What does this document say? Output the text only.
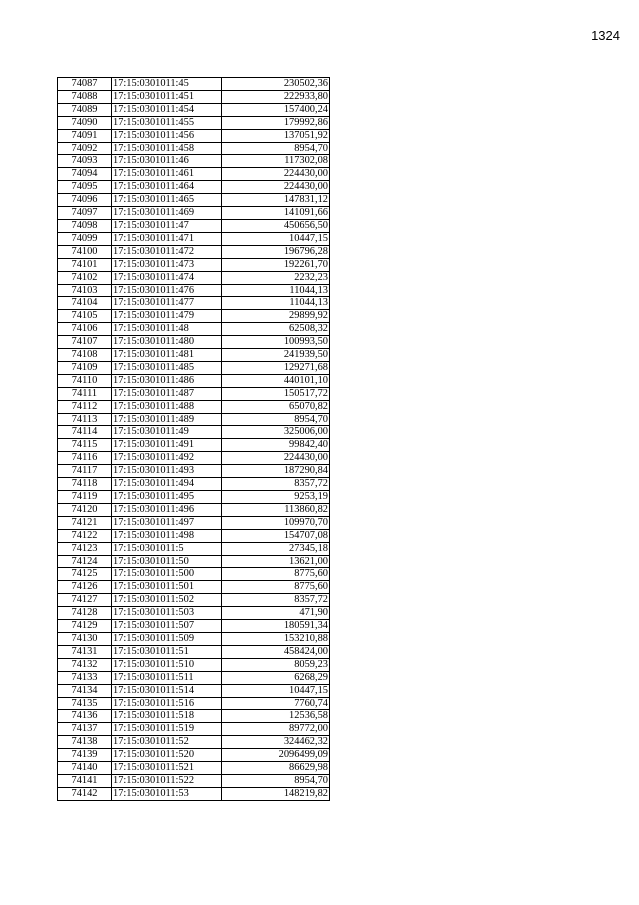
1324
74087	17:15:0301011:45	230502,36
74088	17:15:0301011:451	222933,80
74089	17:15:0301011:454	157400,24
74090	17:15:0301011:455	179992,86
74091	17:15:0301011:456	137051,92
74092	17:15:0301011:458	8954,70
74093	17:15:0301011:46	117302,08
74094	17:15:0301011:461	224430,00
74095	17:15:0301011:464	224430,00
74096	17:15:0301011:465	147831,12
74097	17:15:0301011:469	141091,66
74098	17:15:0301011:47	450656,50
74099	17:15:0301011:471	10447,15
74100	17:15:0301011:472	196796,28
74101	17:15:0301011:473	192261,70
74102	17:15:0301011:474	2232,23
74103	17:15:0301011:476	11044,13
74104	17:15:0301011:477	11044,13
74105	17:15:0301011:479	29899,92
74106	17:15:0301011:48	62508,32
74107	17:15:0301011:480	100993,50
74108	17:15:0301011:481	241939,50
74109	17:15:0301011:485	129271,68
74110	17:15:0301011:486	440101,10
74111	17:15:0301011:487	150517,72
74112	17:15:0301011:488	65070,82
74113	17:15:0301011:489	8954,70
74114	17:15:0301011:49	325006,00
74115	17:15:0301011:491	99842,40
74116	17:15:0301011:492	224430,00
74117	17:15:0301011:493	187290,84
74118	17:15:0301011:494	8357,72
74119	17:15:0301011:495	9253,19
74120	17:15:0301011:496	113860,82
74121	17:15:0301011:497	109970,70
74122	17:15:0301011:498	154707,08
74123	17:15:0301011:5	27345,18
74124	17:15:0301011:50	13621,00
74125	17:15:0301011:500	8775,60
74126	17:15:0301011:501	8775,60
74127	17:15:0301011:502	8357,72
74128	17:15:0301011:503	471,90
74129	17:15:0301011:507	180591,34
74130	17:15:0301011:509	153210,88
74131	17:15:0301011:51	458424,00
74132	17:15:0301011:510	8059,23
74133	17:15:0301011:511	6268,29
74134	17:15:0301011:514	10447,15
74135	17:15:0301011:516	7760,74
74136	17:15:0301011:518	12536,58
74137	17:15:0301011:519	89772,00
74138	17:15:0301011:52	324462,32
74139	17:15:0301011:520	2096499,09
74140	17:15:0301011:521	86629,98
74141	17:15:0301011:522	8954,70
74142	17:15:0301011:53	148219,82
